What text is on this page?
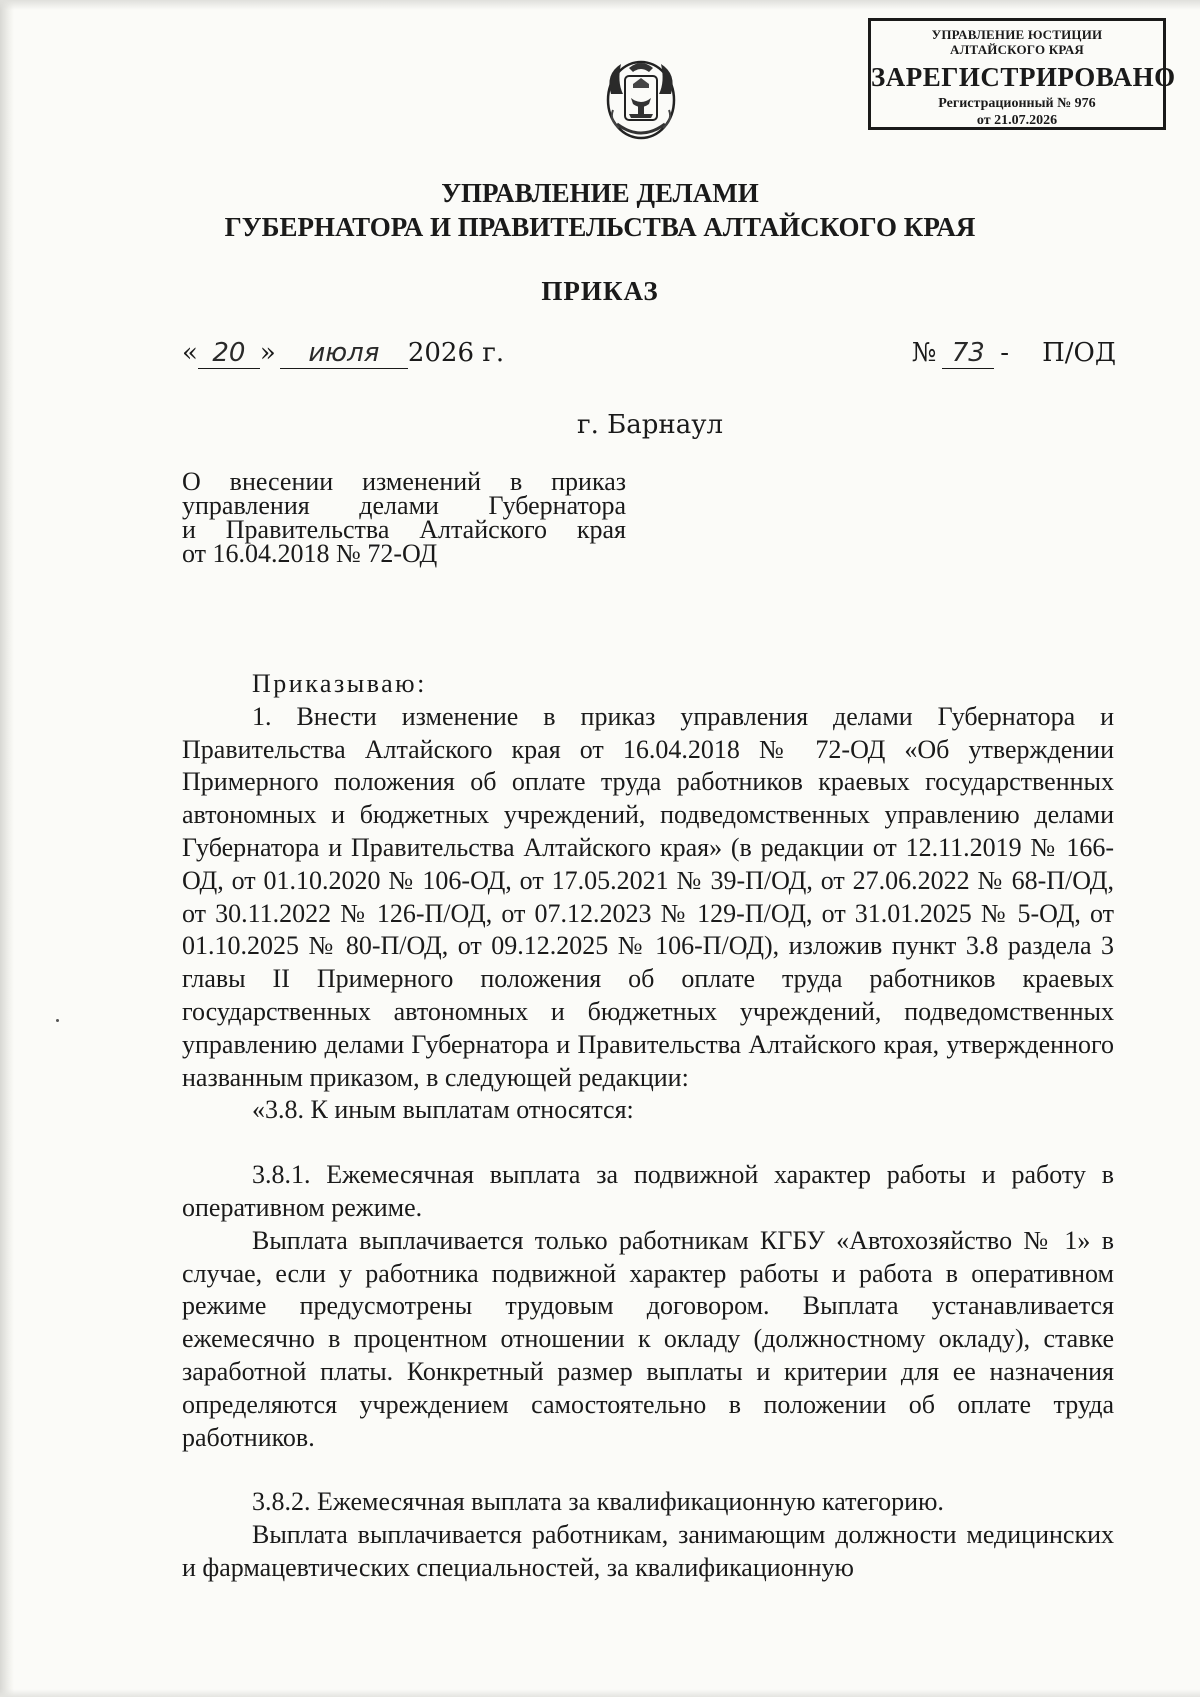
УПРАВЛЕНИЕ ЮСТИЦИИ
АЛТАЙСКОГО КРАЯ
ЗАРЕГИСТРИРОВАНО
Регистрационный № 976
от 21.07.2026
УПРАВЛЕНИЕ ДЕЛАМИ
ГУБЕРНАТОРА И ПРАВИТЕЛЬСТВА АЛТАЙСКОГО КРАЯ
ПРИКАЗ
« 20 » июля 2026 г.	№ 73 - П/ОД
г. Барнаул
О внесении изменений в приказ
управления делами Губернатора
и Правительства Алтайского края
от 16.04.2018 № 72-ОД

Приказываю:

1. Внести изменение в приказ управления делами Губернатора и Правительства Алтайского края от 16.04.2018 № 72-ОД «Об утверждении Примерного положения об оплате труда работников краевых государственных автономных и бюджетных учреждений, подведомственных управлению делами Губернатора и Правительства Алтайского края» (в редакции от 12.11.2019 № 166-ОД, от 01.10.2020 № 106-ОД, от 17.05.2021 № 39-П/ОД, от 27.06.2022 № 68-П/ОД, от 30.11.2022 № 126-П/ОД, от 07.12.2023 № 129-П/ОД, от 31.01.2025 № 5-ОД, от 01.10.2025 № 80-П/ОД, от 09.12.2025 № 106-П/ОД), изложив пункт 3.8 раздела 3 главы II Примерного положения об оплате труда работников краевых государственных автономных и бюджетных учреждений, подведомственных управлению делами Губернатора и Правительства Алтайского края, утвержденного названным приказом, в следующей редакции:

«3.8. К иным выплатам относятся:

3.8.1. Ежемесячная выплата за подвижной характер работы и работу в оперативном режиме.

Выплата выплачивается только работникам КГБУ «Автохозяйство № 1» в случае, если у работника подвижной характер работы и работа в оперативном режиме предусмотрены трудовым договором. Выплата устанавливается ежемесячно в процентном отношении к окладу (должностному окладу), ставке заработной платы. Конкретный размер выплаты и критерии для ее назначения определяются учреждением самостоятельно в положении об оплате труда работников.

3.8.2. Ежемесячная выплата за квалификационную категорию.

Выплата выплачивается работникам, занимающим должности медицинских и фармацевтических специальностей, за квалификационную
